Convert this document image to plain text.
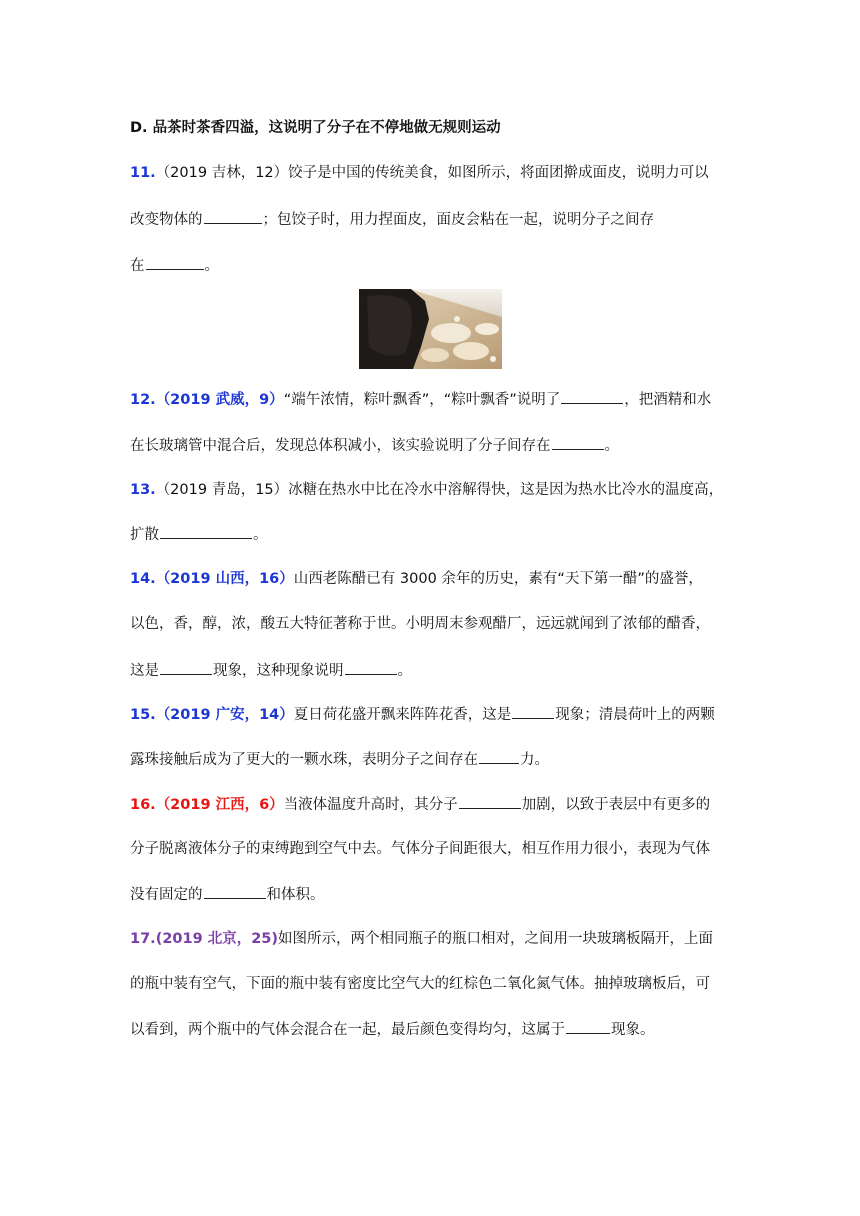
D. 品茶时茶香四溢，这说明了分子在不停地做无规则运动
11.（2019 吉林，12）饺子是中国的传统美食，如图所示，将面团擀成面皮，说明力可以
改变物体的	；包饺子时，用力捏面皮，面皮会粘在一起，说明分子之间存
在	。
12.（2019 武威，9）“端午浓情，粽叶飘香”，“粽叶飘香”说明了	，把酒精和水
在长玻璃管中混合后，发现总体积减小，该实验说明了分子间存在	。
13.（2019 青岛，15）冰糖在热水中比在冷水中溶解得快，这是因为热水比冷水的温度高，
扩散	。
14.（2019 山西，16）山西老陈醋已有 3000 余年的历史，素有“天下第一醋”的盛誉，
以色，香，醇，浓，酸五大特征著称于世。小明周末参观醋厂，远远就闻到了浓郁的醋香，
这是	现象，这种现象说明	。
15.（2019 广安，14）夏日荷花盛开飘来阵阵花香，这是	现象；清晨荷叶上的两颗
露珠接触后成为了更大的一颗水珠，表明分子之间存在	力。
16.（2019 江西，6）当液体温度升高时，其分子	加剧，以致于表层中有更多的
分子脱离液体分子的束缚跑到空气中去。气体分子间距很大，相互作用力很小，表现为气体
没有固定的	和体积。
17.(2019 北京，25)如图所示，两个相同瓶子的瓶口相对，之间用一块玻璃板隔开，上面
的瓶中装有空气，下面的瓶中装有密度比空气大的红棕色二氧化氮气体。抽掉玻璃板后，可
以看到，两个瓶中的气体会混合在一起，最后颜色变得均匀，这属于	现象。
